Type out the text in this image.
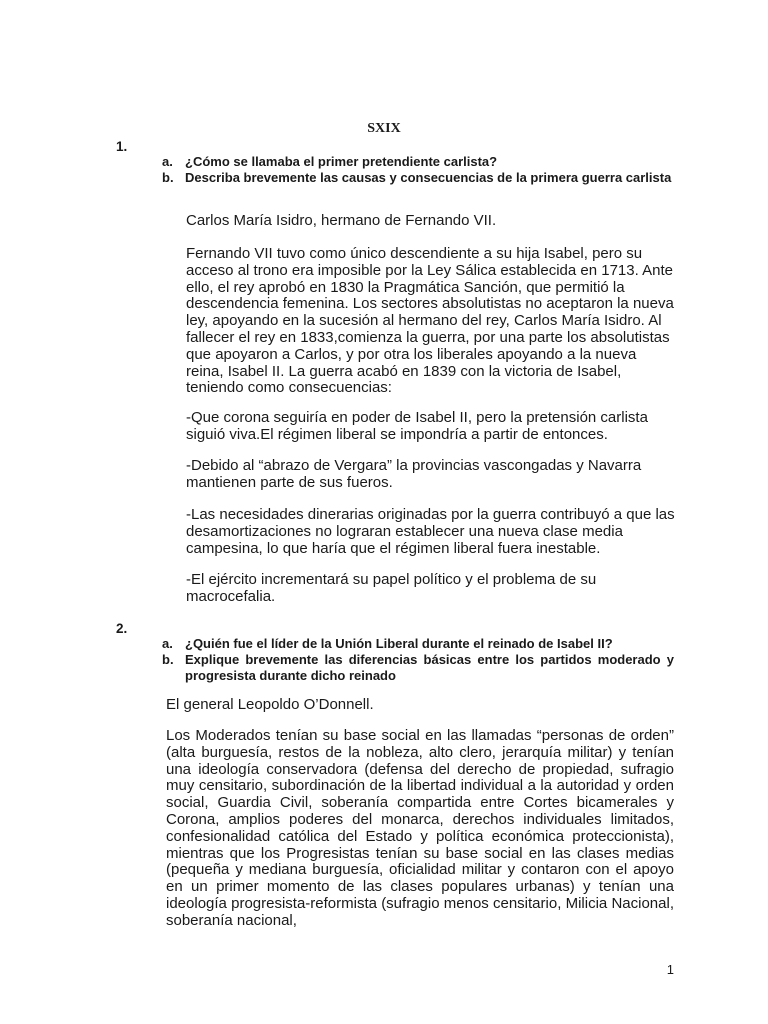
SXIX
1.
a. ¿Cómo se llamaba el primer pretendiente carlista?
b. Describa brevemente las causas y consecuencias de la primera guerra carlista

Carlos María Isidro, hermano de Fernando VII.

Fernando VII tuvo como único descendiente a su hija Isabel, pero su acceso al trono era imposible por la Ley Sálica establecida en 1713. Ante ello, el rey aprobó en 1830 la Pragmática Sanción, que permitió la descendencia femenina. Los sectores absolutistas no aceptaron la nueva ley, apoyando en la sucesión al hermano del rey, Carlos María Isidro. Al fallecer el rey en 1833,comienza la guerra, por una parte los absolutistas que apoyaron a Carlos, y por otra los liberales apoyando a la nueva reina, Isabel II. La guerra acabó en 1839 con la victoria de Isabel, teniendo como consecuencias:

-Que corona seguiría en poder de Isabel II, pero la pretensión carlista siguió viva.El régimen liberal se impondría a partir de entonces.

-Debido al “abrazo de Vergara” la provincias vascongadas y Navarra mantienen parte de sus fueros.

-Las necesidades dinerarias originadas por la guerra contribuyó a que las desamortizaciones no lograran establecer una nueva clase media campesina, lo que haría que el régimen liberal fuera inestable.

-El ejército incrementará su papel político y el problema de su macrocefalia.

2.
a. ¿Quién fue el líder de la Unión Liberal durante el reinado de Isabel II?
b. Explique brevemente las diferencias básicas entre los partidos moderado y progresista durante dicho reinado

El general Leopoldo O’Donnell.

Los Moderados tenían su base social en las llamadas “personas de orden” (alta burguesía, restos de la nobleza, alto clero, jerarquía militar) y tenían una ideología conservadora (defensa del derecho de propiedad, sufragio muy censitario, subordinación de la libertad individual a la autoridad y orden social, Guardia Civil, soberanía compartida entre Cortes bicamerales y Corona, amplios poderes del monarca, derechos individuales limitados, confesionalidad católica del Estado y política económica proteccionista), mientras que los Progresistas tenían su base social en las clases medias (pequeña y mediana burguesía, oficialidad militar y contaron con el apoyo en un primer momento de las clases populares urbanas) y tenían una ideología progresista-reformista (sufragio menos censitario, Milicia Nacional, soberanía nacional,

1
